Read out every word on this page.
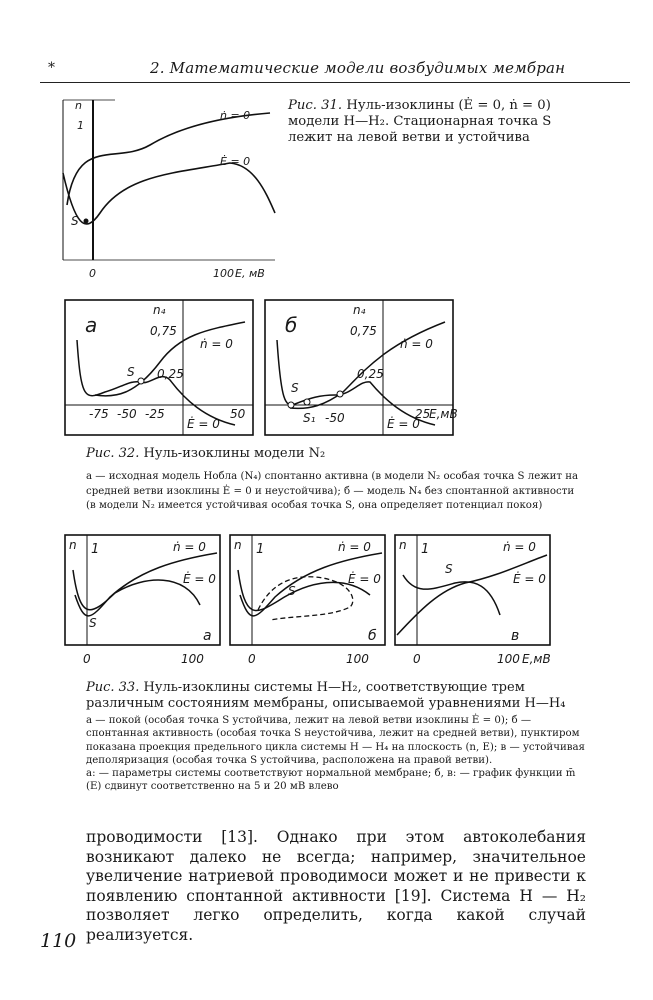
*	2. Математические модели возбудимых мембран
n
1
S
ṅ = 0
Ė = 0
0	100 E, мВ
Рис. 31. Нуль-изоклины (Ė = 0, ṅ = 0) модели Н—Н₂. Стационарная точка S лежит на левой ветви и устойчива
а
n₄
0,75
0,25
S
ṅ = 0
Ė = 0
-75 -50 -25	50
б
n₄
0,75
0,25
S
S₁
ṅ = 0
Ė = 0
-50	25
E,мВ
Рис. 32. Нуль-изоклины модели N₂
а — исходная модель Нобла (N₄) спонтанно активна (в модели N₂ особая точка S лежит на средней ветви изоклины Ė = 0 и неустойчива); б — модель N₄ без спонтанной активности (в модели N₂ имеется устойчивая особая точка S, она определяет потенциал покоя)
n 1	ṅ = 0
Ė = 0
S
а
0	100
n 1	ṅ = 0
Ė = 0
S
б
0	100
n 1	ṅ = 0
Ė = 0
S
в
0	100 E,мВ
Рис. 33. Нуль-изоклины системы Н—Н₂, соответствующие трем различным состояниям мембраны, описываемой уравнениями Н—Н₄
а — покой (особая точка S устойчива, лежит на левой ветви изоклины Ė = 0); б — спонтанная активность (особая точка S неустойчива, лежит на средней ветви), пунктиром показана проекция предельного цикла системы Н — Н₄ на плоскость (n, E); в — устойчивая деполяризация (особая точка S устойчива, расположена на правой ветви).
а: — параметры системы соответствуют нормальной мембране; б, в: — график функции m̄ (E) сдвинут соответственно на 5 и 20 мВ влево
проводимости [13]. Однако при этом автоколебания возникают далеко не всегда; например, значительное увеличение натриевой проводимоси может и не привести к появлению спонтанной активности [19]. Система Н — Н₂ позволяет легко определить, когда какой случай реализуется.
110
